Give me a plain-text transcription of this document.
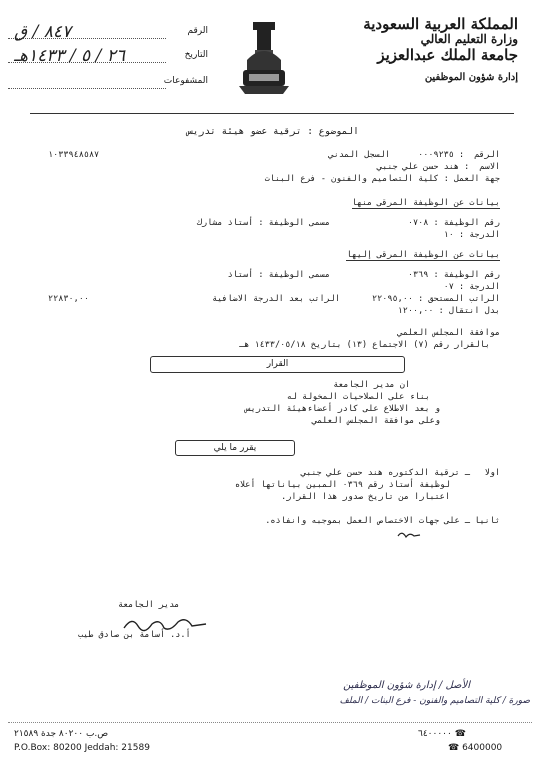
المملكة العربية السعودية
وزارة التعليم العالي
جامعة الملك عبدالعزيز
إدارة شؤون الموظفين
الرقم
٨٤٧ / ق
التاريخ
٢٦ / ٥ / ١٤٣٣هـ
المشفوعات
الموضوع : ترقية عضو هيئة تدريس
الرقم  : ٠٠٠٩٢٣٥
السجل المدني
١٠٣٣٩٤٨٥٨٧
الاسم  : هند حسن علي جنبي
جهة العمل : كلية التصاميم والفنون - فرع البنات
بيانات عن الوظيفة المرقى منها
رقم الوظيفة : ٠٧٠٨
مسمى الوظيفة : أستاذ مشارك
الدرجة : ١٠
بيانات عن الوظيفة المرقى إليها
رقم الوظيفة : ٠٣٦٩
مسمى الوظيفة : أستاذ
الدرجة : ٠٧
الراتب المستحق : ٢٢٠٩٥,٠٠
الراتب بعد الدرجة الاضافية
٢٢٨٣٠,٠٠
بدل انتقال : ١٢٠٠,٠٠
موافقة المجلس العلمي
بالقرار رقم (٧) الاجتماع (١٣) بتاريخ ١٤٣٣/٠٥/١٨ هـ
ان مدير الجامعة
بناء على الصلاحيات المخولة له
و بعد الاطلاع على كادر أعضاءهيئة التدريس
وعلى موافقة المجلس العلمي
اولا
ـ ترقية الدكتوره هند حسن علي جنبي
لوظيفة أستاذ رقم ٠٣٦٩ المبين بياناتها أعلاه
اعتبارا من تاريخ صدور هذا القرار.
ثانيا
ـ على جهات الاختصاص العمل بموجبه وانفاذه.
مدير الجامعة
أ.د. أسامة بن صادق طيب
القرار
يقرر ما يلي
الأصل / إدارة شؤون الموظفين
صورة / كلية التصاميم والفنون - فرع البنات / الملف
ص.ب ٨٠٢٠٠ جدة ٢١٥٨٩
P.O.Box: 80200 Jeddah: 21589
☎ ٦٤٠٠٠٠٠
☎ 6400000
